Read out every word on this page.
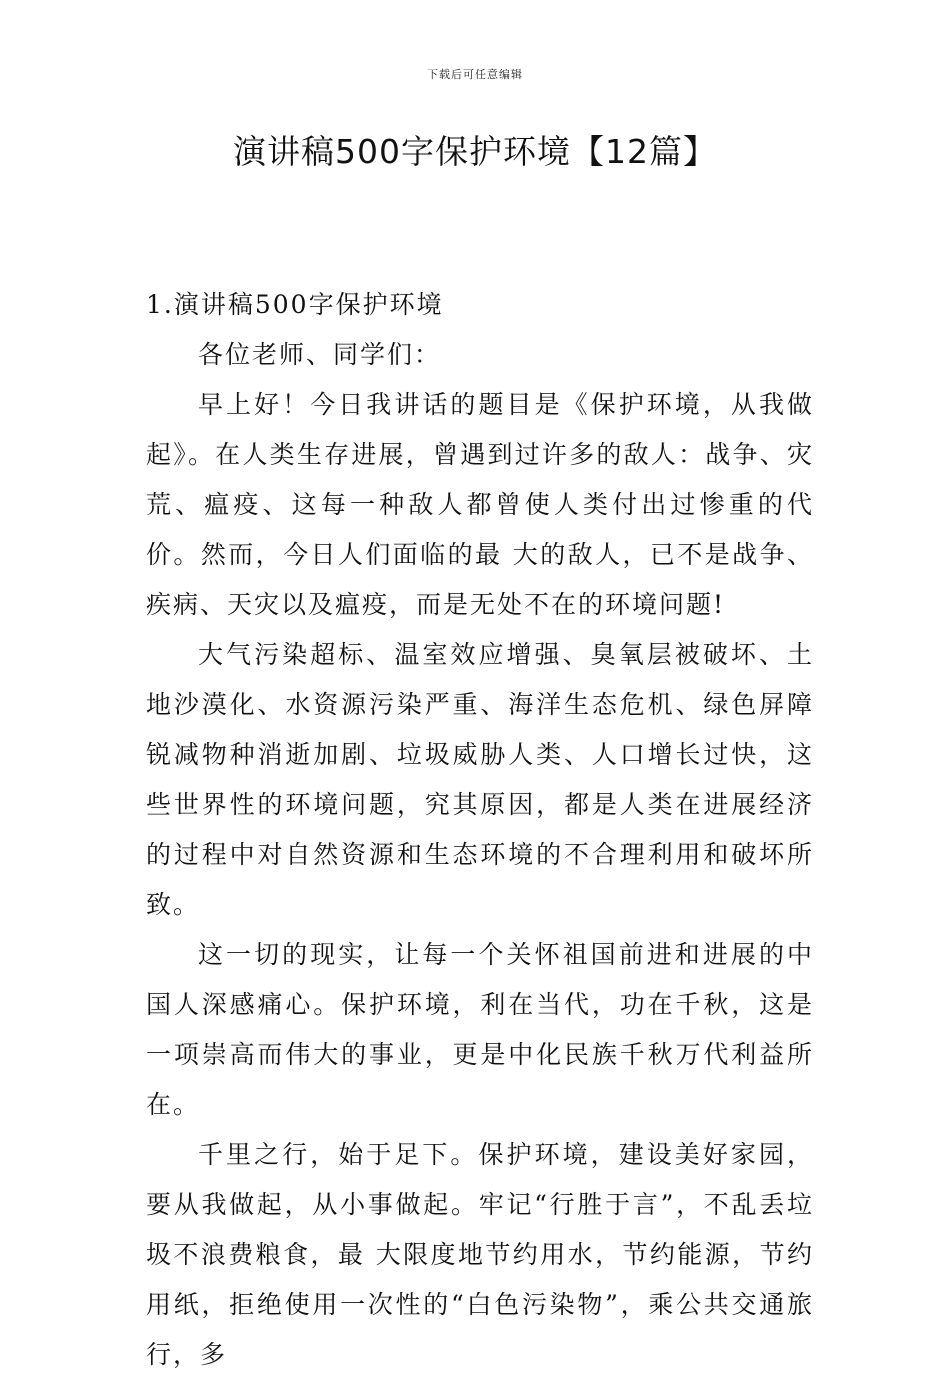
下载后可任意编辑
演讲稿500字保护环境【12篇】

1.演讲稿500字保护环境

各位老师、同学们：

早上好！今日我讲话的题目是《保护环境，从我做起》。在人类生存进展，曾遇到过许多的敌人：战争、灾荒、瘟疫、这每一种敌人都曾使人类付出过惨重的代价。然而，今日人们面临的最 大的敌人，已不是战争、疾病、天灾以及瘟疫，而是无处不在的环境问题!

大气污染超标、温室效应增强、臭氧层被破坏、土地沙漠化、水资源污染严重、海洋生态危机、绿色屏障锐减物种消逝加剧、垃圾威胁人类、人口增长过快，这些世界性的环境问题，究其原因，都是人类在进展经济的过程中对自然资源和生态环境的不合理利用和破坏所致。

这一切的现实，让每一个关怀祖国前进和进展的中国人深感痛心。保护环境，利在当代，功在千秋，这是一项崇高而伟大的事业，更是中化民族千秋万代利益所在。

千里之行，始于足下。保护环境，建设美好家园，要从我做起，从小事做起。牢记“行胜于言”，不乱丢垃圾不浪费粮食，最 大限度地节约用水，节约能源，节约用纸，拒绝使用一次性的“白色污染物”，乘公共交通旅行，多
